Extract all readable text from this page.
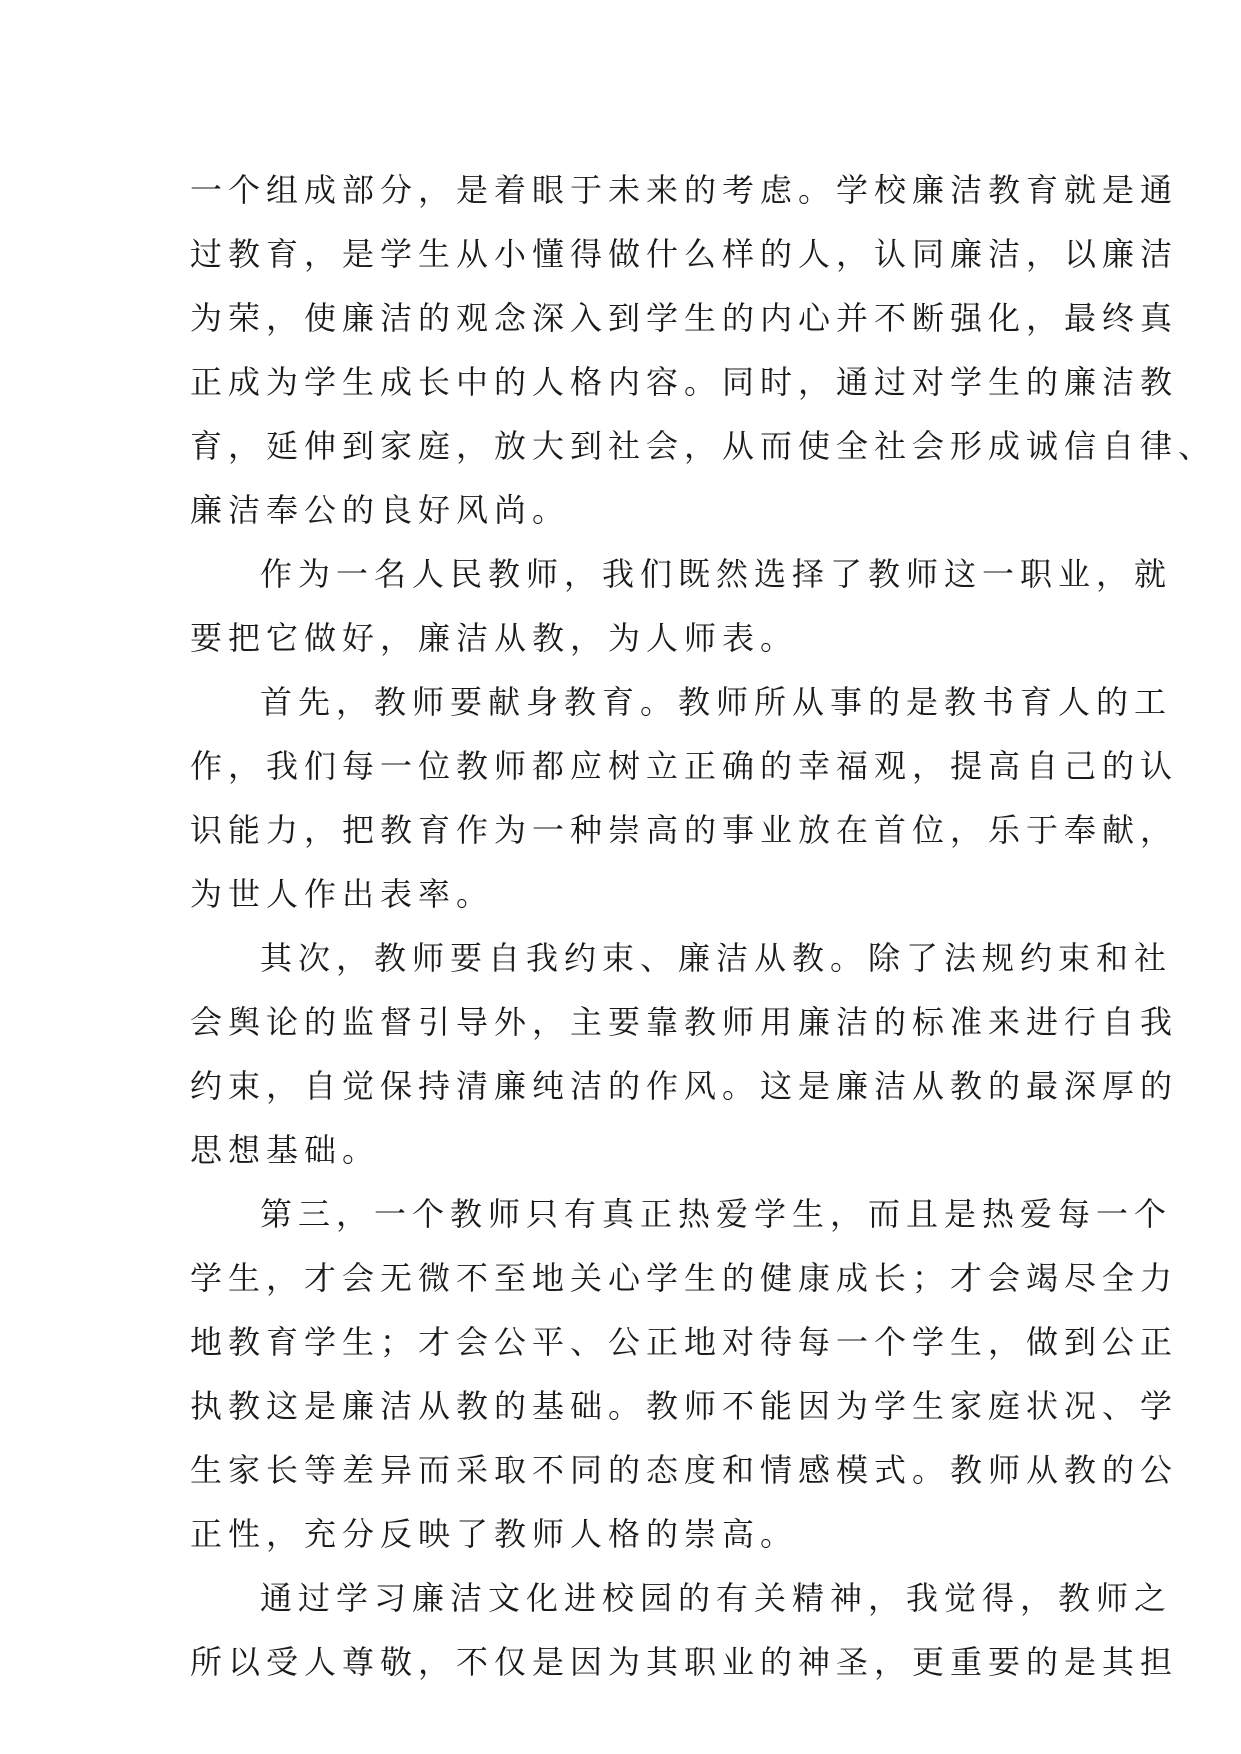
一个组成部分，是着眼于未来的考虑。学校廉洁教育就是通

过教育，是学生从小懂得做什么样的人，认同廉洁，以廉洁

为荣，使廉洁的观念深入到学生的内心并不断强化，最终真

正成为学生成长中的人格内容。同时，通过对学生的廉洁教

育，延伸到家庭，放大到社会，从而使全社会形成诚信自律、

廉洁奉公的良好风尚。

作为一名人民教师，我们既然选择了教师这一职业，就

要把它做好，廉洁从教，为人师表。

首先，教师要献身教育。教师所从事的是教书育人的工

作，我们每一位教师都应树立正确的幸福观，提高自己的认

识能力，把教育作为一种崇高的事业放在首位，乐于奉献，

为世人作出表率。

其次，教师要自我约束、廉洁从教。除了法规约束和社

会舆论的监督引导外，主要靠教师用廉洁的标准来进行自我

约束，自觉保持清廉纯洁的作风。这是廉洁从教的最深厚的

思想基础。

第三，一个教师只有真正热爱学生，而且是热爱每一个

学生，才会无微不至地关心学生的健康成长；才会竭尽全力

地教育学生；才会公平、公正地对待每一个学生，做到公正

执教这是廉洁从教的基础。教师不能因为学生家庭状况、学

生家长等差异而采取不同的态度和情感模式。教师从教的公

正性，充分反映了教师人格的崇高。

通过学习廉洁文化进校园的有关精神，我觉得，教师之

所以受人尊敬，不仅是因为其职业的神圣，更重要的是其担
